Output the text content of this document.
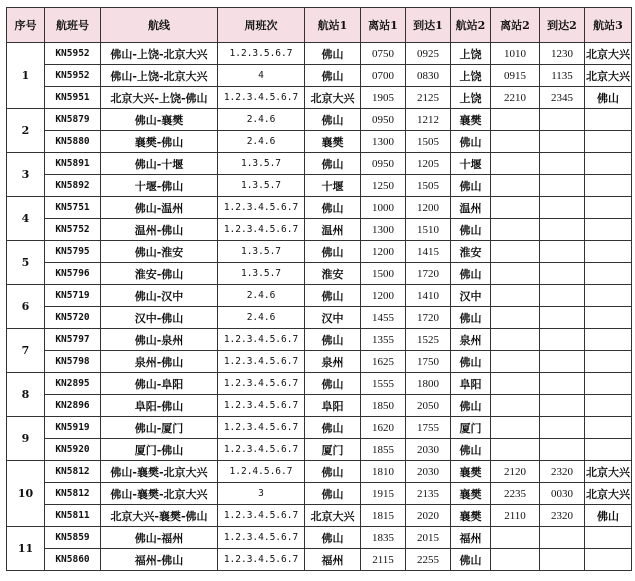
序号	航班号	航线	周班次	航站1	离站1	到达1	航站2	离站2	到达2	航站3
1	KN5952	佛山-上饶-北京大兴	1.2.3.5.6.7	佛山	0750	0925	上饶	1010	1230	北京大兴
	KN5952	佛山-上饶-北京大兴	4	佛山	0700	0830	上饶	0915	1135	北京大兴
	KN5951	北京大兴-上饶-佛山	1.2.3.4.5.6.7	北京大兴	1905	2125	上饶	2210	2345	佛山
2	KN5879	佛山-襄樊	2.4.6	佛山	0950	1212	襄樊			
	KN5880	襄樊-佛山	2.4.6	襄樊	1300	1505	佛山			
3	KN5891	佛山-十堰	1.3.5.7	佛山	0950	1205	十堰			
	KN5892	十堰-佛山	1.3.5.7	十堰	1250	1505	佛山			
4	KN5751	佛山-温州	1.2.3.4.5.6.7	佛山	1000	1200	温州			
	KN5752	温州-佛山	1.2.3.4.5.6.7	温州	1300	1510	佛山			
5	KN5795	佛山-淮安	1.3.5.7	佛山	1200	1415	淮安			
	KN5796	淮安-佛山	1.3.5.7	淮安	1500	1720	佛山			
6	KN5719	佛山-汉中	2.4.6	佛山	1200	1410	汉中			
	KN5720	汉中-佛山	2.4.6	汉中	1455	1720	佛山			
7	KN5797	佛山-泉州	1.2.3.4.5.6.7	佛山	1355	1525	泉州			
	KN5798	泉州-佛山	1.2.3.4.5.6.7	泉州	1625	1750	佛山			
8	KN2895	佛山-阜阳	1.2.3.4.5.6.7	佛山	1555	1800	阜阳			
	KN2896	阜阳-佛山	1.2.3.4.5.6.7	阜阳	1850	2050	佛山			
9	KN5919	佛山-厦门	1.2.3.4.5.6.7	佛山	1620	1755	厦门			
	KN5920	厦门-佛山	1.2.3.4.5.6.7	厦门	1855	2030	佛山			
10	KN5812	佛山-襄樊-北京大兴	1.2.4.5.6.7	佛山	1810	2030	襄樊	2120	2320	北京大兴
	KN5812	佛山-襄樊-北京大兴	3	佛山	1915	2135	襄樊	2235	0030	北京大兴
	KN5811	北京大兴-襄樊-佛山	1.2.3.4.5.6.7	北京大兴	1815	2020	襄樊	2110	2320	佛山
11	KN5859	佛山-福州	1.2.3.4.5.6.7	佛山	1835	2015	福州			
	KN5860	福州-佛山	1.2.3.4.5.6.7	福州	2115	2255	佛山			
